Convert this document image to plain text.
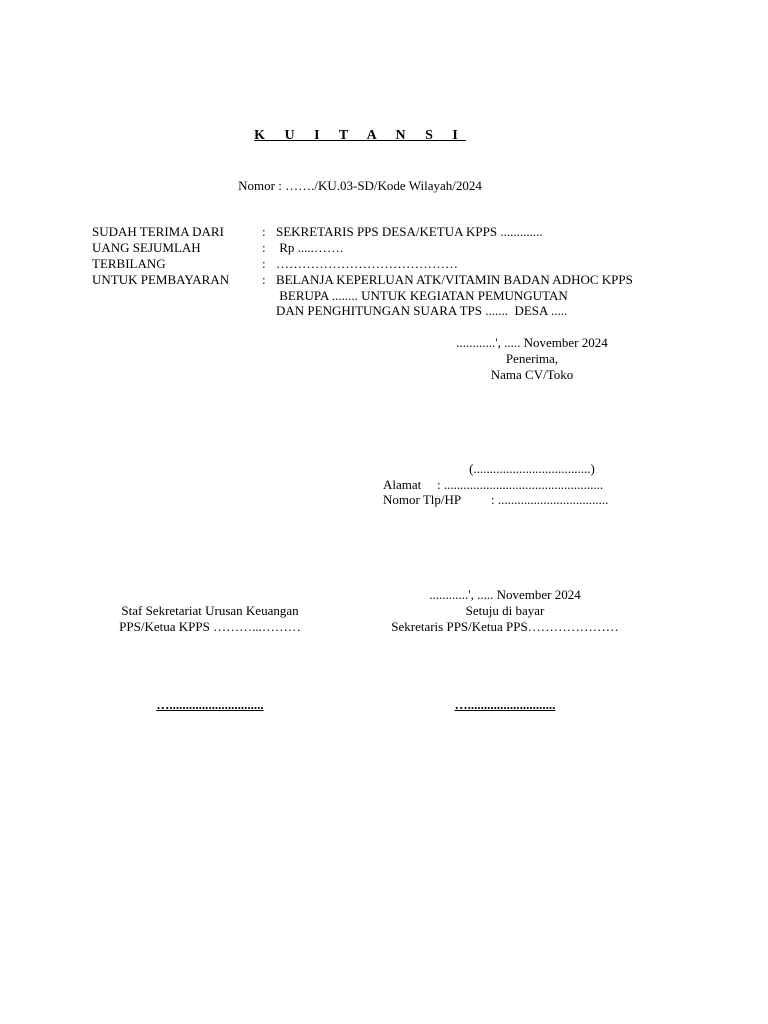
K U I T A N S I
Nomor : ……./KU.03-SD/Kode Wilayah/2024
SUDAH TERIMA DARI	: SEKRETARIS PPS DESA/KETUA KPPS .............
UANG SEJUMLAH	: Rp .....…….
TERBILANG	: ……………………………………
UNTUK PEMBAYARAN	: BELANJA KEPERLUAN ATK/VITAMIN BADAN ADHOC KPPS
BERUPA ........ UNTUK KEGIATAN PEMUNGUTAN
DAN PENGHITUNGAN SUARA TPS .......  DESA .....
............', ..... November 2024
Penerima,
Nama CV/Toko
(....................................)
Alamat : .................................................
Nomor Tlp/HP : ..................................
............', ..... November 2024
Setuju di bayar
Sekretaris PPS/Ketua PPS…………………
Staf Sekretariat Urusan Keuangan
PPS/Ketua KPPS ………...………
….............................	…...........................
